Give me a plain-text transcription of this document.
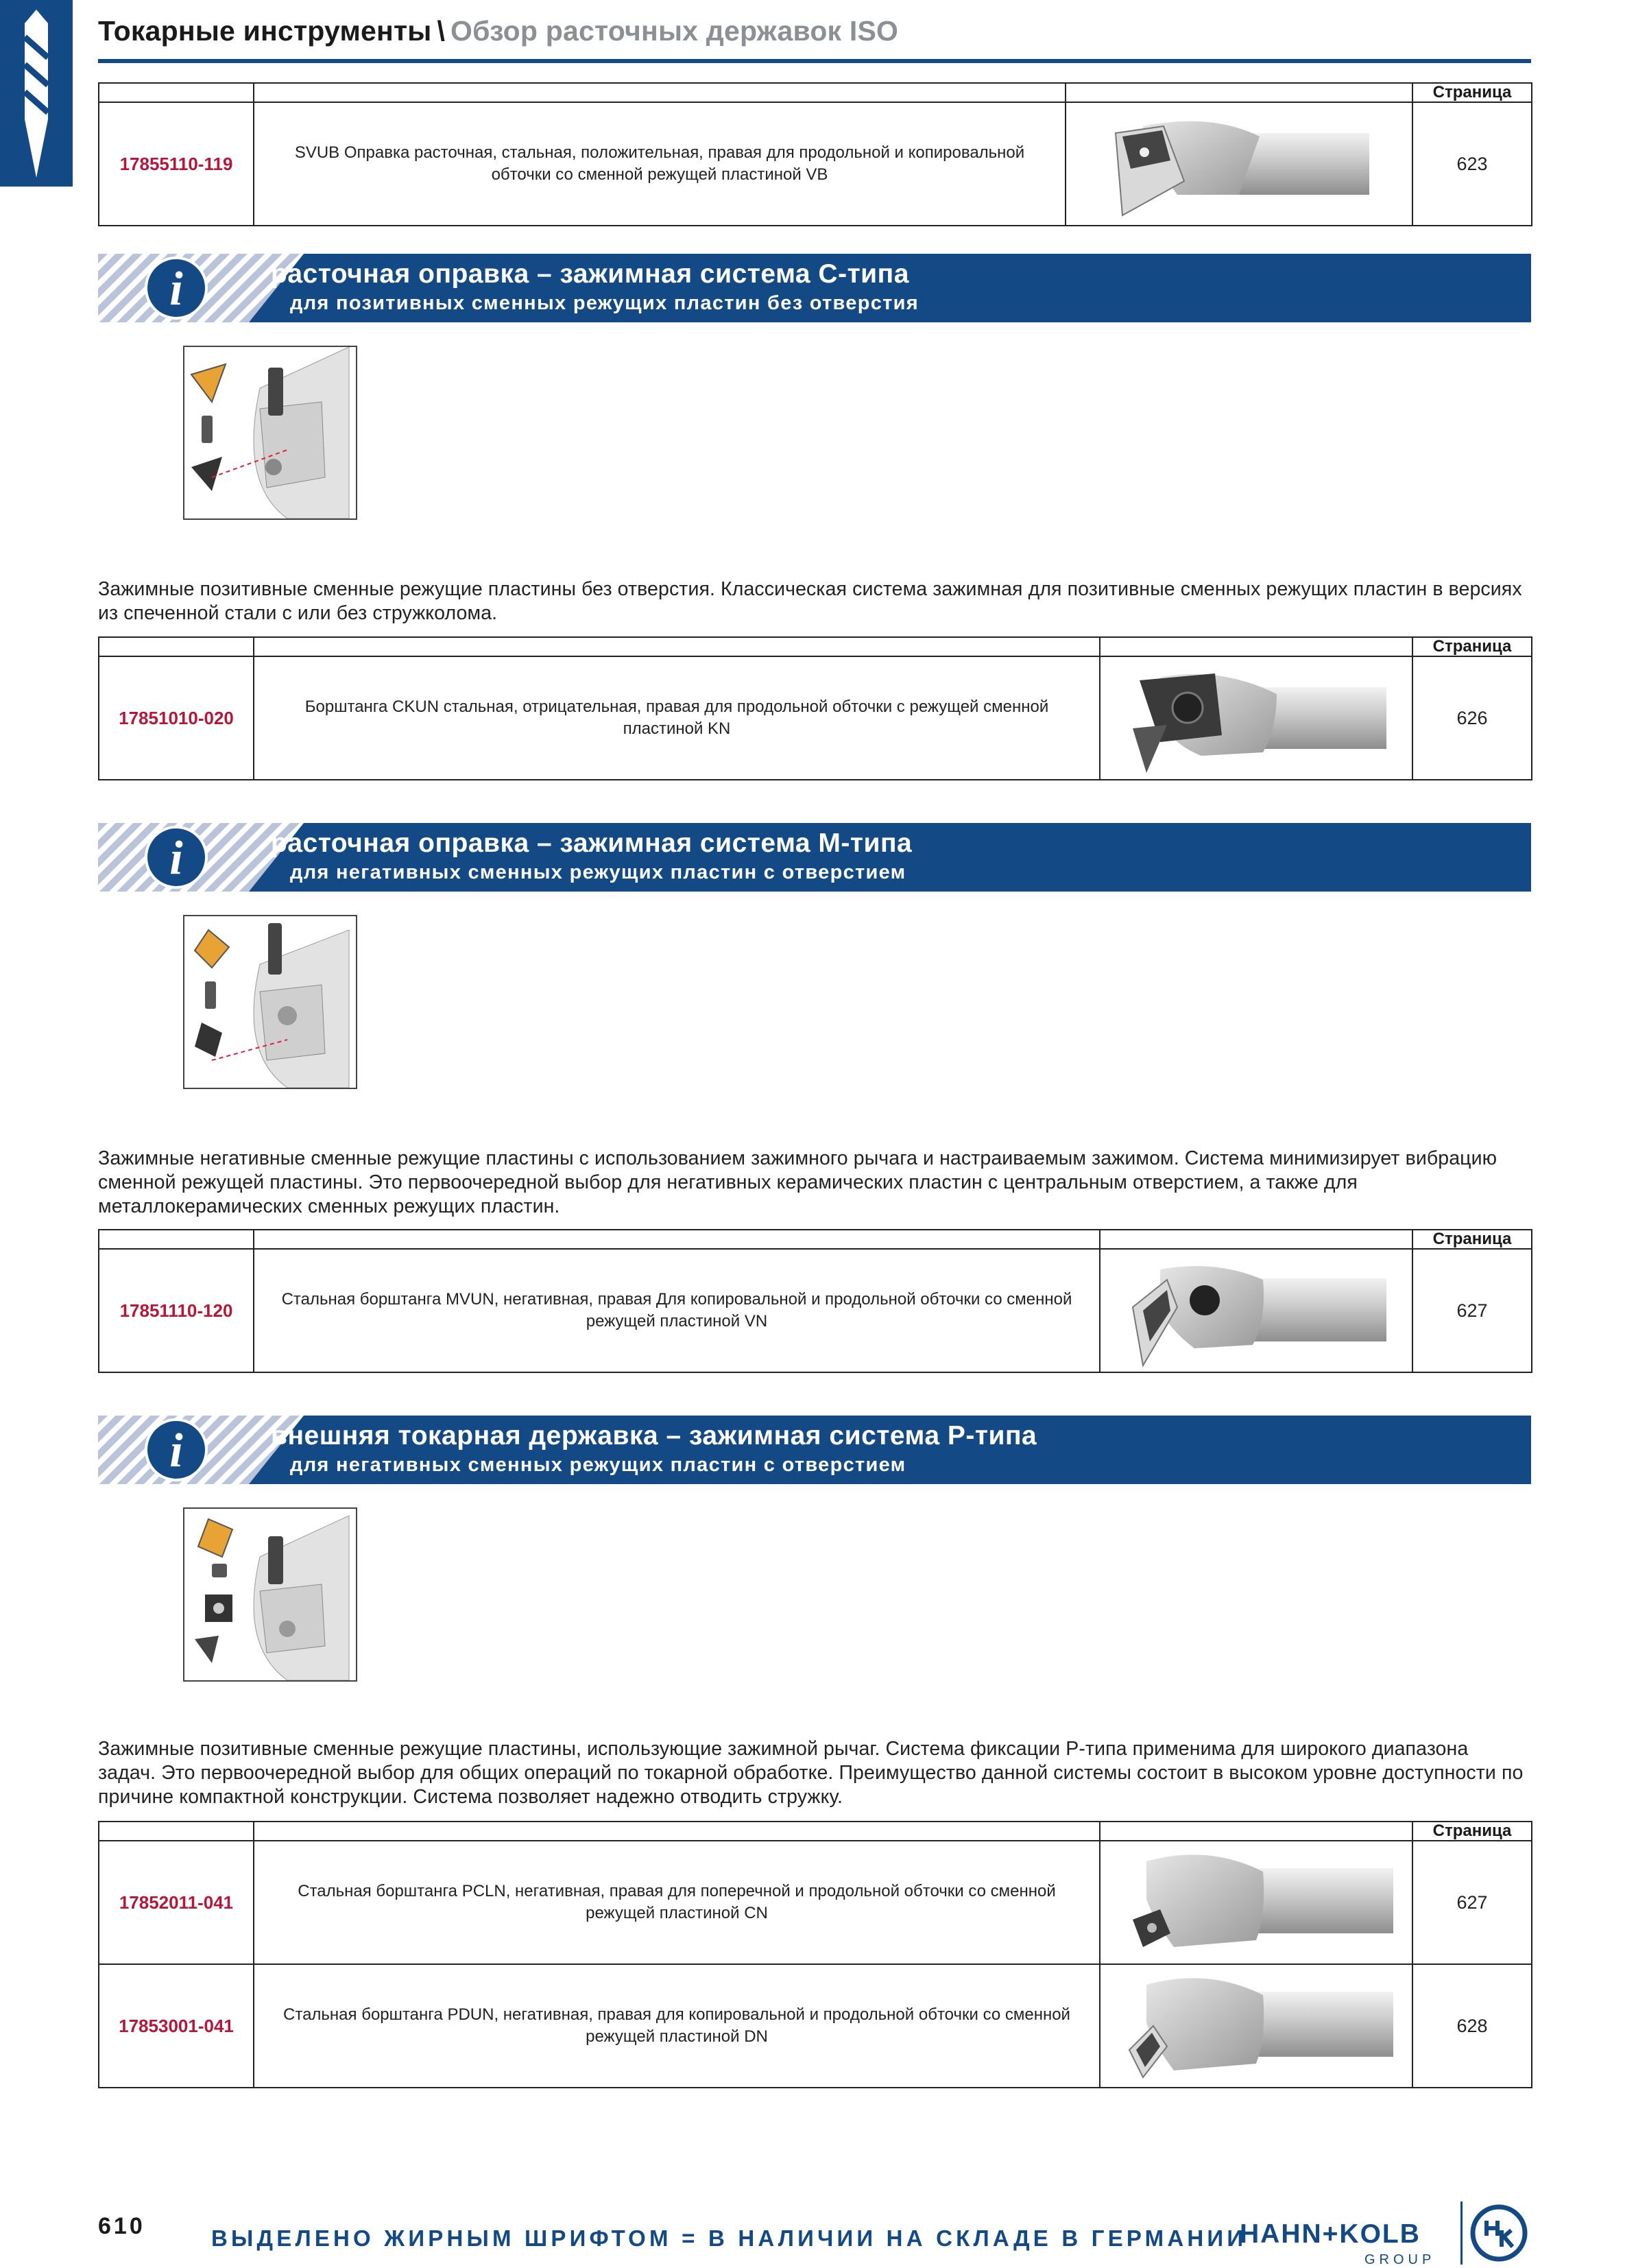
Токарные инструменты \ Обзор расточных державок ISO
			Страница
17855110-119	SVUB Оправка расточная, стальная, положительная, правая для продольной и копировальной обточки со сменной режущей пластиной VB		623
i	расточная оправка – зажимная система С-типа
для позитивных сменных режущих пластин без отверстия
Зажимные позитивные сменные режущие пластины без отверстия. Классическая система зажимная для позитивные сменных режущих пластин в версиях из спеченной стали с или без стружколома.
			Страница
17851010-020	Борштанга CKUN стальная, отрицательная, правая для продольной обточки с режущей сменной пластиной KN		626
i	расточная оправка – зажимная система М-типа
для негативных сменных режущих пластин с отверстием
Зажимные негативные сменные режущие пластины с использованием зажимного рычага и настраиваемым зажимом. Система минимизирует вибрацию сменной режущей пластины. Это первоочередной выбор для негативных керамических пластин с центральным отверстием, а также для металлокерамических сменных режущих пластин.
			Страница
17851110-120	Стальная борштанга MVUN, негативная, правая Для копировальной и продольной обточки со сменной режущей пластиной VN		627
i	внешняя токарная державка – зажимная система P-типа
для негативных сменных режущих пластин с отверстием
Зажимные позитивные сменные режущие пластины, использующие зажимной рычаг. Система фиксации P-типа применима для широкого диапазона задач. Это первоочередной выбор для общих операций по токарной обработке. Преимущество данной системы состоит в высоком уровне доступности по причине компактной конструкции. Система позволяет надежно отводить стружку.
			Страница
17852011-041	Стальная борштанга PCLN, негативная, правая для поперечной и продольной обточки со сменной режущей пластиной CN		627
17853001-041	Стальная борштанга PDUN, негативная, правая для копировальной и продольной обточки со сменной режущей пластиной DN		628
610	ВЫДЕЛЕНО ЖИРНЫМ ШРИФТОМ = В НАЛИЧИИ НА СКЛАДЕ В ГЕРМАНИИ
HAHN+KOLB
GROUP
